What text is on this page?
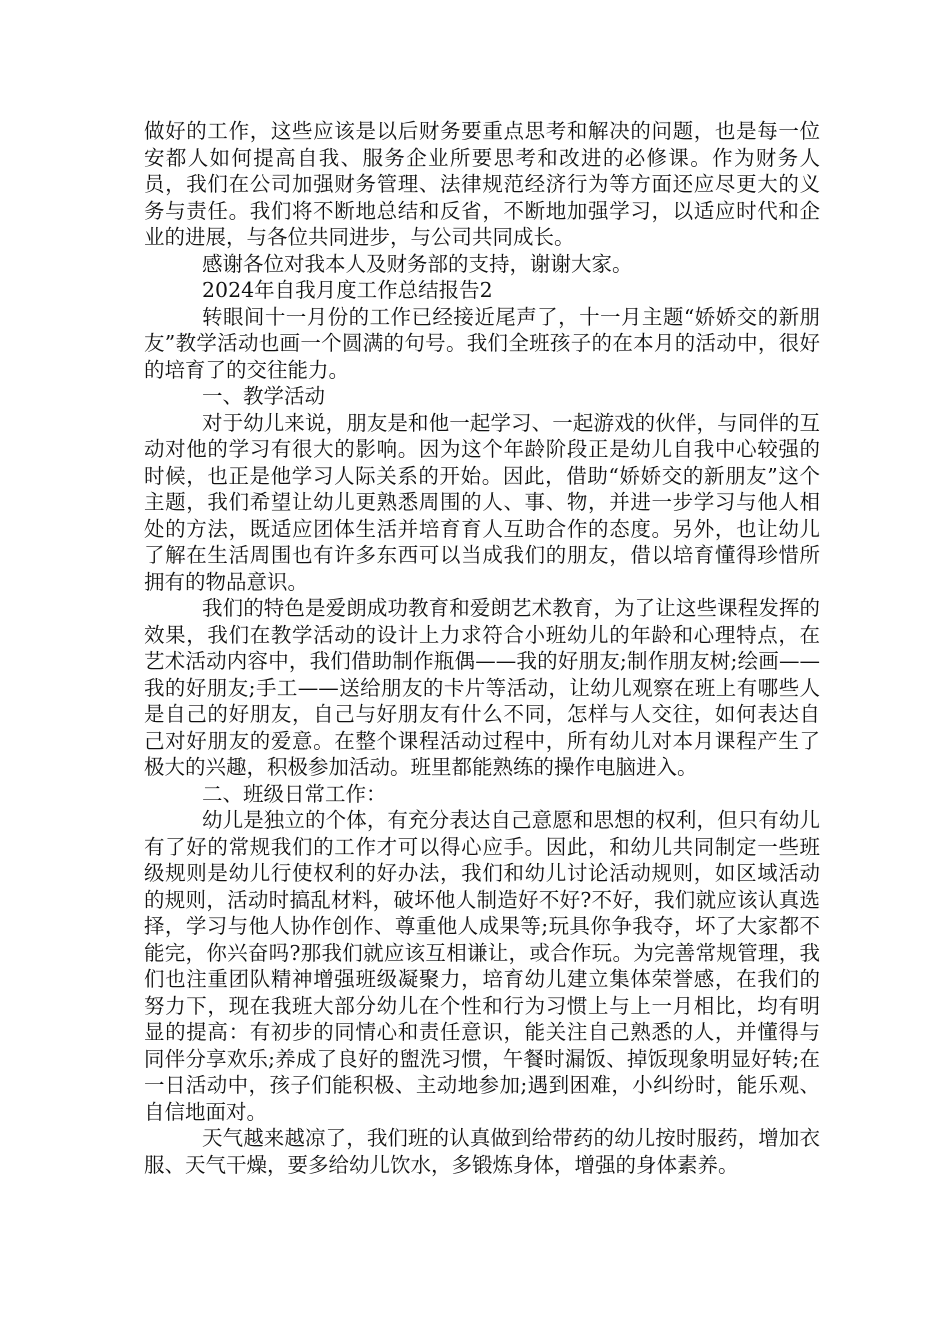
做好的工作，这些应该是以后财务要重点思考和解决的问题，也是每一位安都人如何提高自我、服务企业所要思考和改进的必修课。作为财务人员，我们在公司加强财务管理、法律规范经济行为等方面还应尽更大的义务与责任。我们将不断地总结和反省，不断地加强学习，以适应时代和企业的进展，与各位共同进步，与公司共同成长。

感谢各位对我本人及财务部的支持，谢谢大家。

2024年自我月度工作总结报告2

转眼间十一月份的工作已经接近尾声了，十一月主题“娇娇交的新朋友”教学活动也画一个圆满的句号。我们全班孩子的在本月的活动中，很好的培育了的交往能力。

一、教学活动

对于幼儿来说，朋友是和他一起学习、一起游戏的伙伴，与同伴的互动对他的学习有很大的影响。因为这个年龄阶段正是幼儿自我中心较强的时候，也正是他学习人际关系的开始。因此，借助“娇娇交的新朋友”这个主题，我们希望让幼儿更熟悉周围的人、事、物，并进一步学习与他人相处的方法，既适应团体生活并培育育人互助合作的态度。另外，也让幼儿了解在生活周围也有许多东西可以当成我们的朋友，借以培育懂得珍惜所拥有的物品意识。

我们的特色是爱朗成功教育和爱朗艺术教育，为了让这些课程发挥的效果，我们在教学活动的设计上力求符合小班幼儿的年龄和心理特点，在艺术活动内容中，我们借助制作瓶偶——我的好朋友;制作朋友树;绘画——我的好朋友;手工——送给朋友的卡片等活动，让幼儿观察在班上有哪些人是自己的好朋友，自己与好朋友有什么不同，怎样与人交往，如何表达自己对好朋友的爱意。在整个课程活动过程中，所有幼儿对本月课程产生了极大的兴趣，积极参加活动。班里都能熟练的操作电脑进入。

二、班级日常工作：

幼儿是独立的个体，有充分表达自己意愿和思想的权利，但只有幼儿有了好的常规我们的工作才可以得心应手。因此，和幼儿共同制定一些班级规则是幼儿行使权利的好办法，我们和幼儿讨论活动规则，如区域活动的规则，活动时搞乱材料，破坏他人制造好不好?不好，我们就应该认真选择，学习与他人协作创作、尊重他人成果等;玩具你争我夺，坏了大家都不能完，你兴奋吗?那我们就应该互相谦让，或合作玩。为完善常规管理，我们也注重团队精神增强班级凝聚力，培育幼儿建立集体荣誉感，在我们的努力下，现在我班大部分幼儿在个性和行为习惯上与上一月相比，均有明显的提高：有初步的同情心和责任意识，能关注自己熟悉的人，并懂得与同伴分享欢乐;养成了良好的盥洗习惯，午餐时漏饭、掉饭现象明显好转;在一日活动中，孩子们能积极、主动地参加;遇到困难，小纠纷时，能乐观、自信地面对。

天气越来越凉了，我们班的认真做到给带药的幼儿按时服药，增加衣服、天气干燥，要多给幼儿饮水，多锻炼身体，增强的身体素养。
